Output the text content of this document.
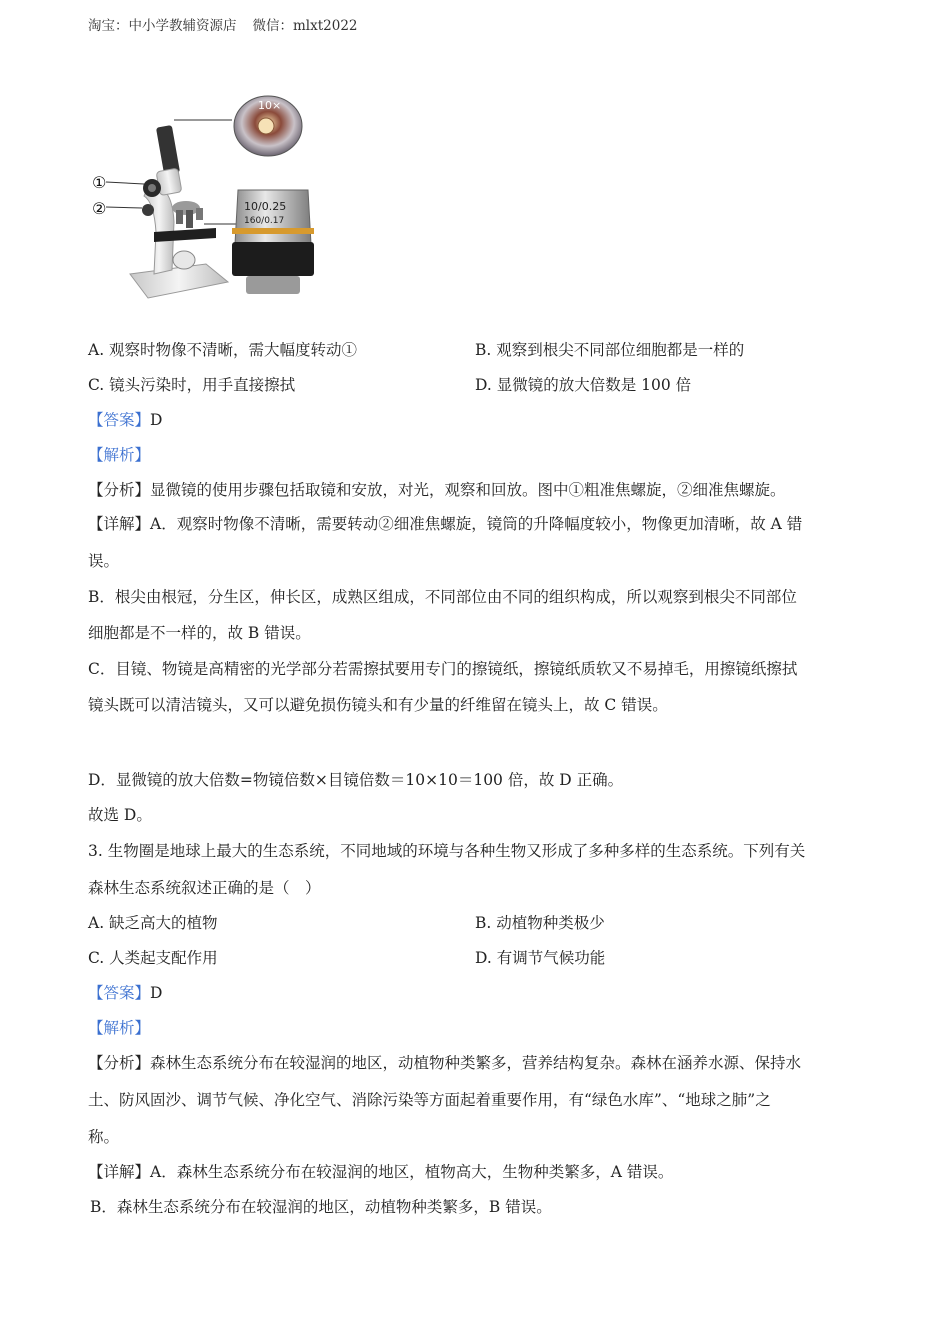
淘宝：中小学教辅资源店 微信：mlxt2022
①
②
10×
10/0.25
160/0.17
A. 观察时物像不清晰，需大幅度转动①	B. 观察到根尖不同部位细胞都是一样的
C. 镜头污染时，用手直接擦拭	D. 显微镜的放大倍数是 100 倍
【答案】D
【解析】
【分析】显微镜的使用步骤包括取镜和安放，对光，观察和回放。图中①粗准焦螺旋，②细准焦螺旋。
【详解】A．观察时物像不清晰，需要转动②细准焦螺旋，镜筒的升降幅度较小，物像更加清晰，故 A 错
误。
B．根尖由根冠，分生区，伸长区，成熟区组成，不同部位由不同的组织构成，所以观察到根尖不同部位
细胞都是不一样的，故 B 错误。
C．目镜、物镜是高精密的光学部分若需擦拭要用专门的擦镜纸，擦镜纸质软又不易掉毛，用擦镜纸擦拭
镜头既可以清洁镜头，又可以避免损伤镜头和有少量的纤维留在镜头上，故 C 错误。
D．显微镜的放大倍数=物镜倍数×目镜倍数＝10×10＝100 倍，故 D 正确。
故选 D。
3. 生物圈是地球上最大的生态系统，不同地域的环境与各种生物又形成了多种多样的生态系统。下列有关
森林生态系统叙述正确的是（　）
A. 缺乏高大的植物	B. 动植物种类极少
C. 人类起支配作用	D. 有调节气候功能
【答案】D
【解析】
【分析】森林生态系统分布在较湿润的地区，动植物种类繁多，营养结构复杂。森林在涵养水源、保持水
土、防风固沙、调节气候、净化空气、消除污染等方面起着重要作用，有“绿色水库”、“地球之肺”之
称。
【详解】A．森林生态系统分布在较湿润的地区，植物高大，生物种类繁多，A 错误。
B．森林生态系统分布在较湿润的地区，动植物种类繁多，B 错误。
